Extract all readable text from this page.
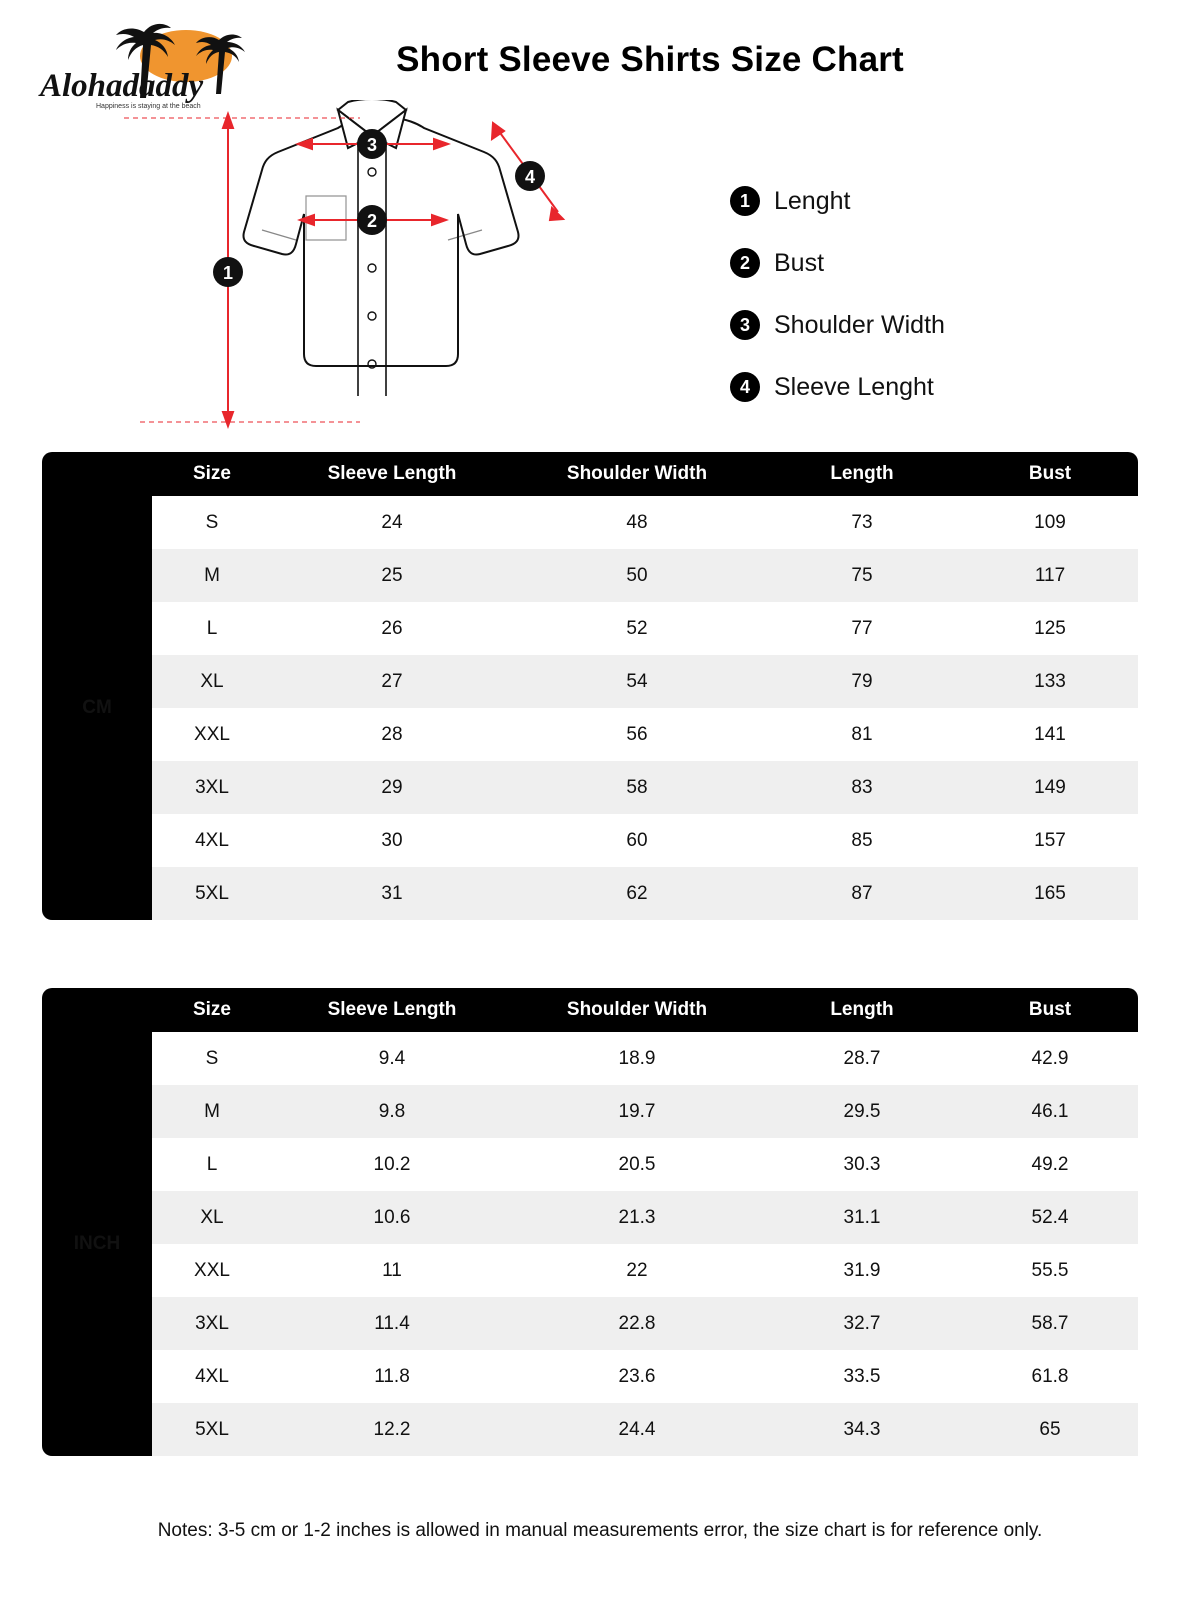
Alohadaddy
Happiness is staying at the beach
Short Sleeve Shirts Size Chart
1
2
3
4
1 Lenght
2 Bust
3 Shoulder Width
4 Sleeve Lenght
	Size	Sleeve Length	Shoulder Width	Length	Bust
CM	S	24	48	73	109
	M	25	50	75	117
	L	26	52	77	125
	XL	27	54	79	133
	XXL	28	56	81	141
	3XL	29	58	83	149
	4XL	30	60	85	157
	5XL	31	62	87	165
	Size	Sleeve Length	Shoulder Width	Length	Bust
INCH	S	9.4	18.9	28.7	42.9
	M	9.8	19.7	29.5	46.1
	L	10.2	20.5	30.3	49.2
	XL	10.6	21.3	31.1	52.4
	XXL	11	22	31.9	55.5
	3XL	11.4	22.8	32.7	58.7
	4XL	11.8	23.6	33.5	61.8
	5XL	12.2	24.4	34.3	65
Notes: 3-5 cm or 1-2 inches is allowed in manual measurements error, the size chart is for reference only.
